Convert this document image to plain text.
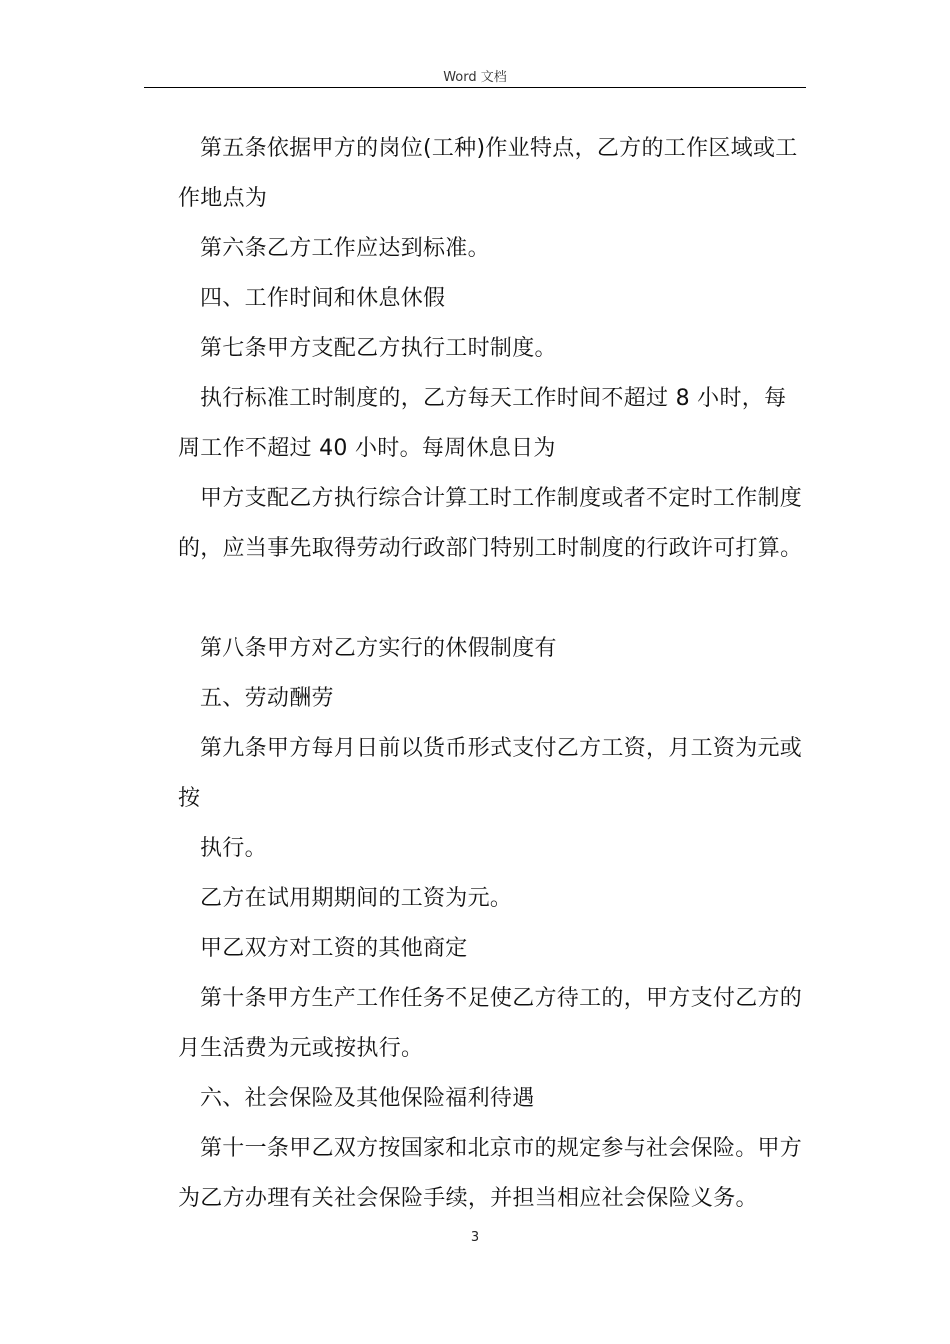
Word 文档

第五条依据甲方的岗位(工种)作业特点，乙方的工作区域或工作地点为

第六条乙方工作应达到标准。

四、工作时间和休息休假

第七条甲方支配乙方执行工时制度。

执行标准工时制度的，乙方每天工作时间不超过 8 小时，每周工作不超过 40 小时。每周休息日为

甲方支配乙方执行综合计算工时工作制度或者不定时工作制度的，应当事先取得劳动行政部门特别工时制度的行政许可打算。

第八条甲方对乙方实行的休假制度有

五、劳动酬劳

第九条甲方每月日前以货币形式支付乙方工资，月工资为元或按

执行。

乙方在试用期期间的工资为元。

甲乙双方对工资的其他商定

第十条甲方生产工作任务不足使乙方待工的，甲方支付乙方的月生活费为元或按执行。

六、社会保险及其他保险福利待遇

第十一条甲乙双方按国家和北京市的规定参与社会保险。甲方为乙方办理有关社会保险手续，并担当相应社会保险义务。

3
